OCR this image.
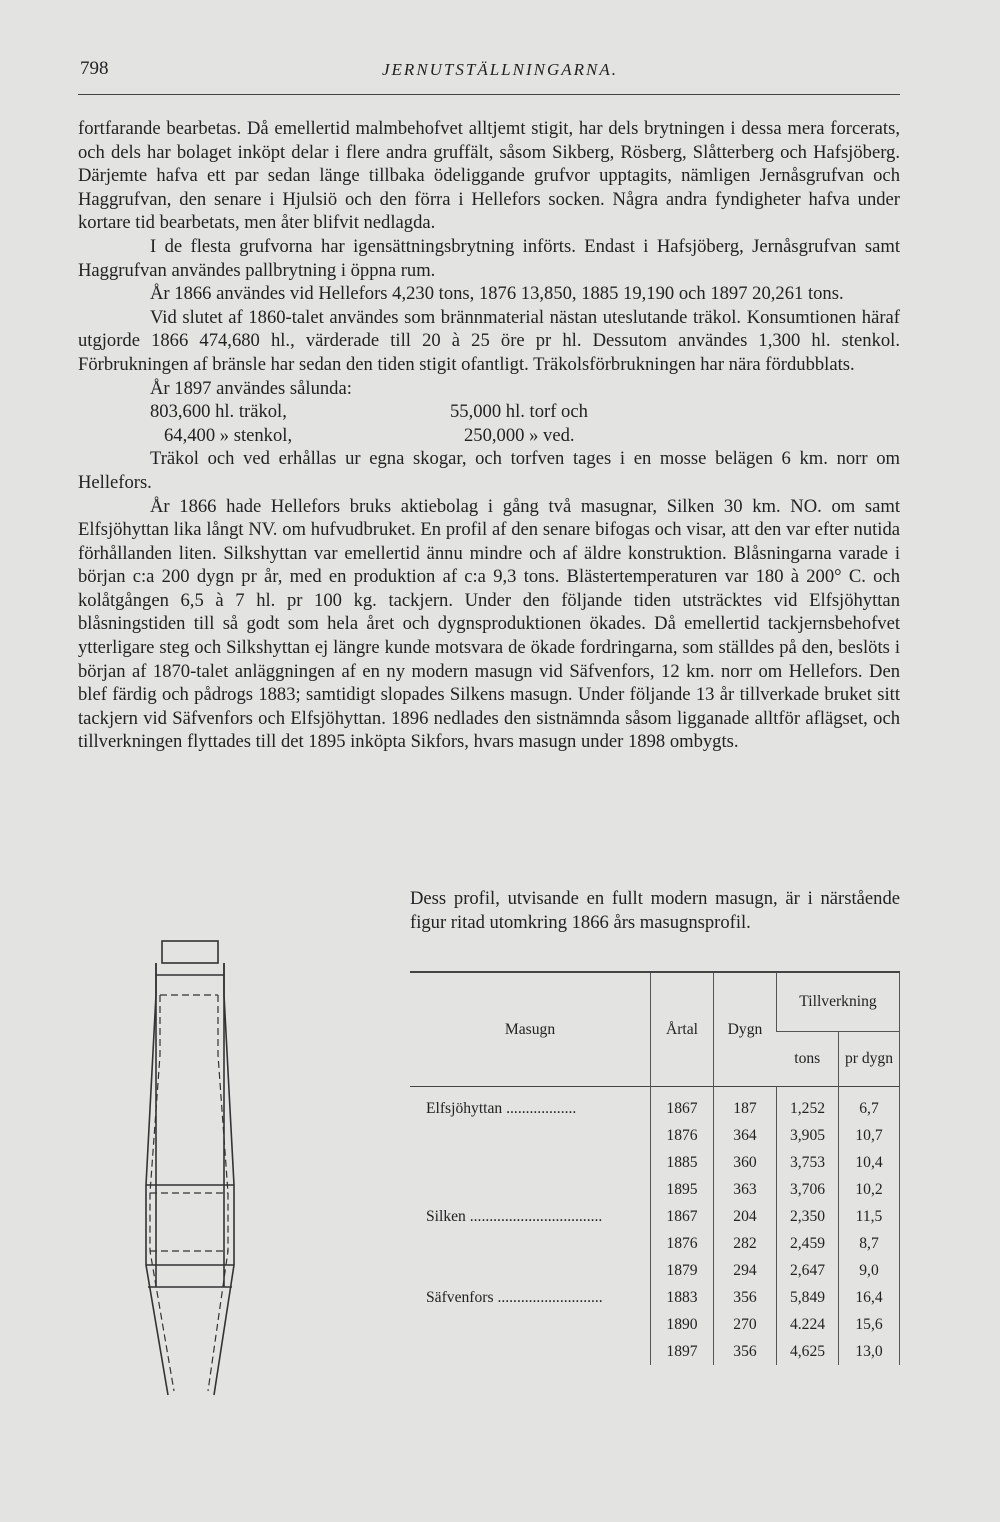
798	JERNUTSTÄLLNINGARNA.

fortfarande bearbetas. Då emellertid malmbehofvet alltjemt stigit, har dels brytningen i dessa mera forcerats, och dels har bolaget inköpt delar i flere andra gruffält, såsom Sikberg, Rösberg, Slåtterberg och Hafsjöberg. Därjemte hafva ett par sedan länge tillbaka ödeliggande grufvor upptagits, nämligen Jernåsgrufvan och Haggrufvan, den senare i Hjulsiö och den förra i Hellefors socken. Några andra fyndigheter hafva under kortare tid bearbetats, men åter blifvit nedlagda.

I de flesta grufvorna har igensättningsbrytning införts. Endast i Hafsjöberg, Jernåsgrufvan samt Haggrufvan användes pallbrytning i öppna rum.

År 1866 användes vid Hellefors 4,230 tons, 1876 13,850, 1885 19,190 och 1897 20,261 tons.

Vid slutet af 1860-talet användes som brännmaterial nästan uteslutande träkol. Konsumtionen häraf utgjorde 1866 474,680 hl., värderade till 20 à 25 öre pr hl. Dessutom användes 1,300 hl. stenkol. Förbrukningen af bränsle har sedan den tiden stigit ofantligt. Träkolsförbrukningen har nära fördubblats.

År 1897 användes sålunda:

803,600 hl. träkol,	55,000 hl. torf och
64,400 » stenkol,	250,000 » ved.

Träkol och ved erhållas ur egna skogar, och torfven tages i en mosse belägen 6 km. norr om Hellefors.

År 1866 hade Hellefors bruks aktiebolag i gång två masugnar, Silken 30 km. NO. om samt Elfsjöhyttan lika långt NV. om hufvudbruket. En profil af den senare bifogas och visar, att den var efter nutida förhållanden liten. Silkshyttan var emellertid ännu mindre och af äldre konstruktion. Blåsningarna varade i början c:a 200 dygn pr år, med en produktion af c:a 9,3 tons. Blästertemperaturen var 180 à 200° C. och kolåtgången 6,5 à 7 hl. pr 100 kg. tackjern. Under den följande tiden utsträcktes vid Elfsjöhyttan blåsningstiden till så godt som hela året och dygnsproduktionen ökades. Då emellertid tackjernsbehofvet ytterligare steg och Silkshyttan ej längre kunde motsvara de ökade fordringarna, som ställdes på den, beslöts i början af 1870-talet anläggningen af en ny modern masugn vid Säfvenfors, 12 km. norr om Hellefors. Den blef färdig och pådrogs 1883; samtidigt slopades Silkens masugn. Under följande 13 år tillverkade bruket sitt tackjern vid Säfvenfors och Elfsjöhyttan. 1896 nedlades den sistnämnda såsom ligganade alltför aflägset, och tillverkningen flyttades till det 1895 inköpta Sikfors, hvars masugn under 1898 ombygts.

Dess profil, utvisande en fullt modern masugn, är i närstående figur ritad utomkring 1866 års masugnsprofil.

Masugn	Årtal	Dygn	Tillverkning	
			tons	pr dygn
Elfsjöhyttan ..................	1867	187	1,252	6,7
	1876	364	3,905	10,7
	1885	360	3,753	10,4
	1895	363	3,706	10,2
Silken ..................................	1867	204	2,350	11,5
	1876	282	2,459	8,7
	1879	294	2,647	9,0
Säfvenfors ...........................	1883	356	5,849	16,4
	1890	270	4.224	15,6
	1897	356	4,625	13,0
